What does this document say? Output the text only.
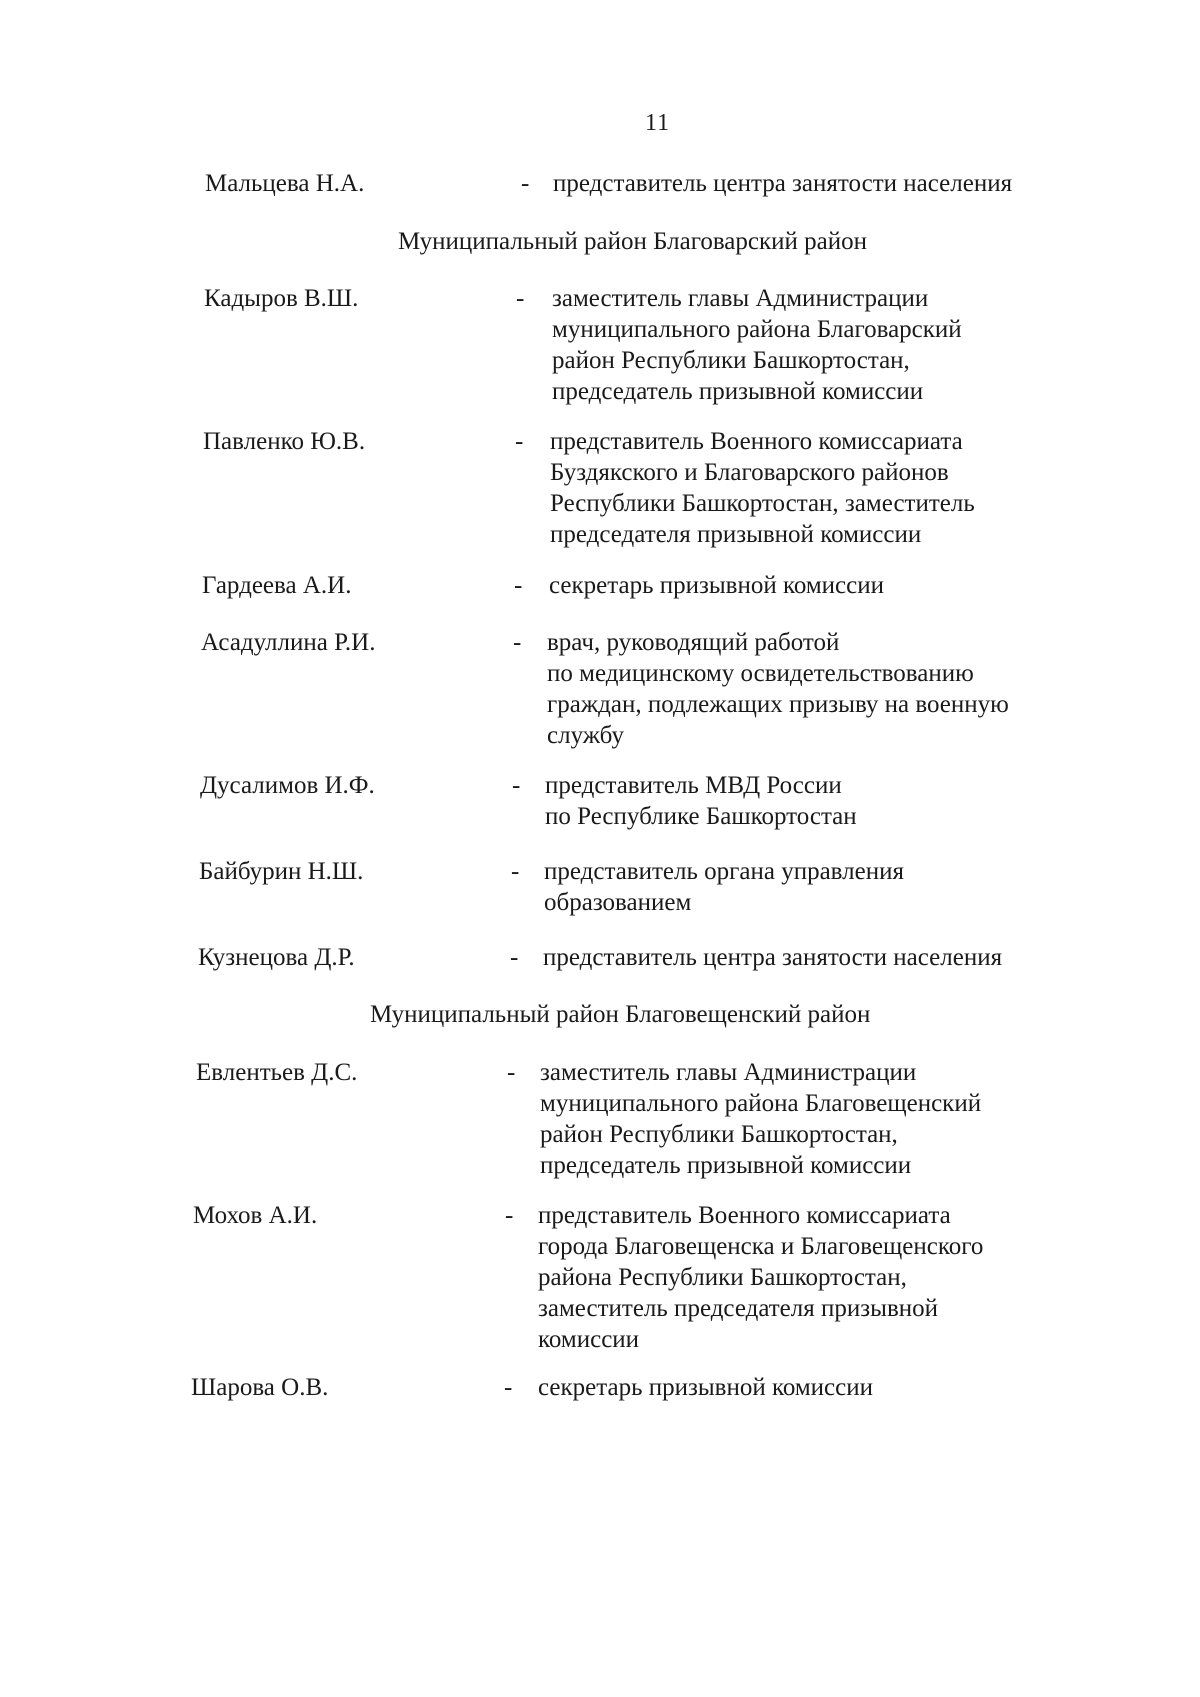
11
Мальцева Н.А.	- представитель центра занятости населения
Муниципальный район Благоварский район
Кадыров В.Ш.	- заместитель главы Администрации
муниципального района Благоварский
район Республики Башкортостан,
председатель призывной комиссии
Павленко Ю.В.	- представитель Военного комиссариата
Буздякского и Благоварского районов
Республики Башкортостан, заместитель
председателя призывной комиссии
Гардеева А.И.	- секретарь призывной комиссии
Асадуллина Р.И.	- врач, руководящий работой
по медицинскому освидетельствованию
граждан, подлежащих призыву на военную
службу
Дусалимов И.Ф.	- представитель МВД России
по Республике Башкортостан
Байбурин Н.Ш.	- представитель органа управления
образованием
Кузнецова Д.Р.	- представитель центра занятости населения
Муниципальный район Благовещенский район
Евлентьев Д.С.	- заместитель главы Администрации
муниципального района Благовещенский
район Республики Башкортостан,
председатель призывной комиссии
Мохов А.И.	- представитель Военного комиссариата
города Благовещенска и Благовещенского
района Республики Башкортостан,
заместитель председателя призывной
комиссии
Шарова О.В.	- секретарь призывной комиссии
